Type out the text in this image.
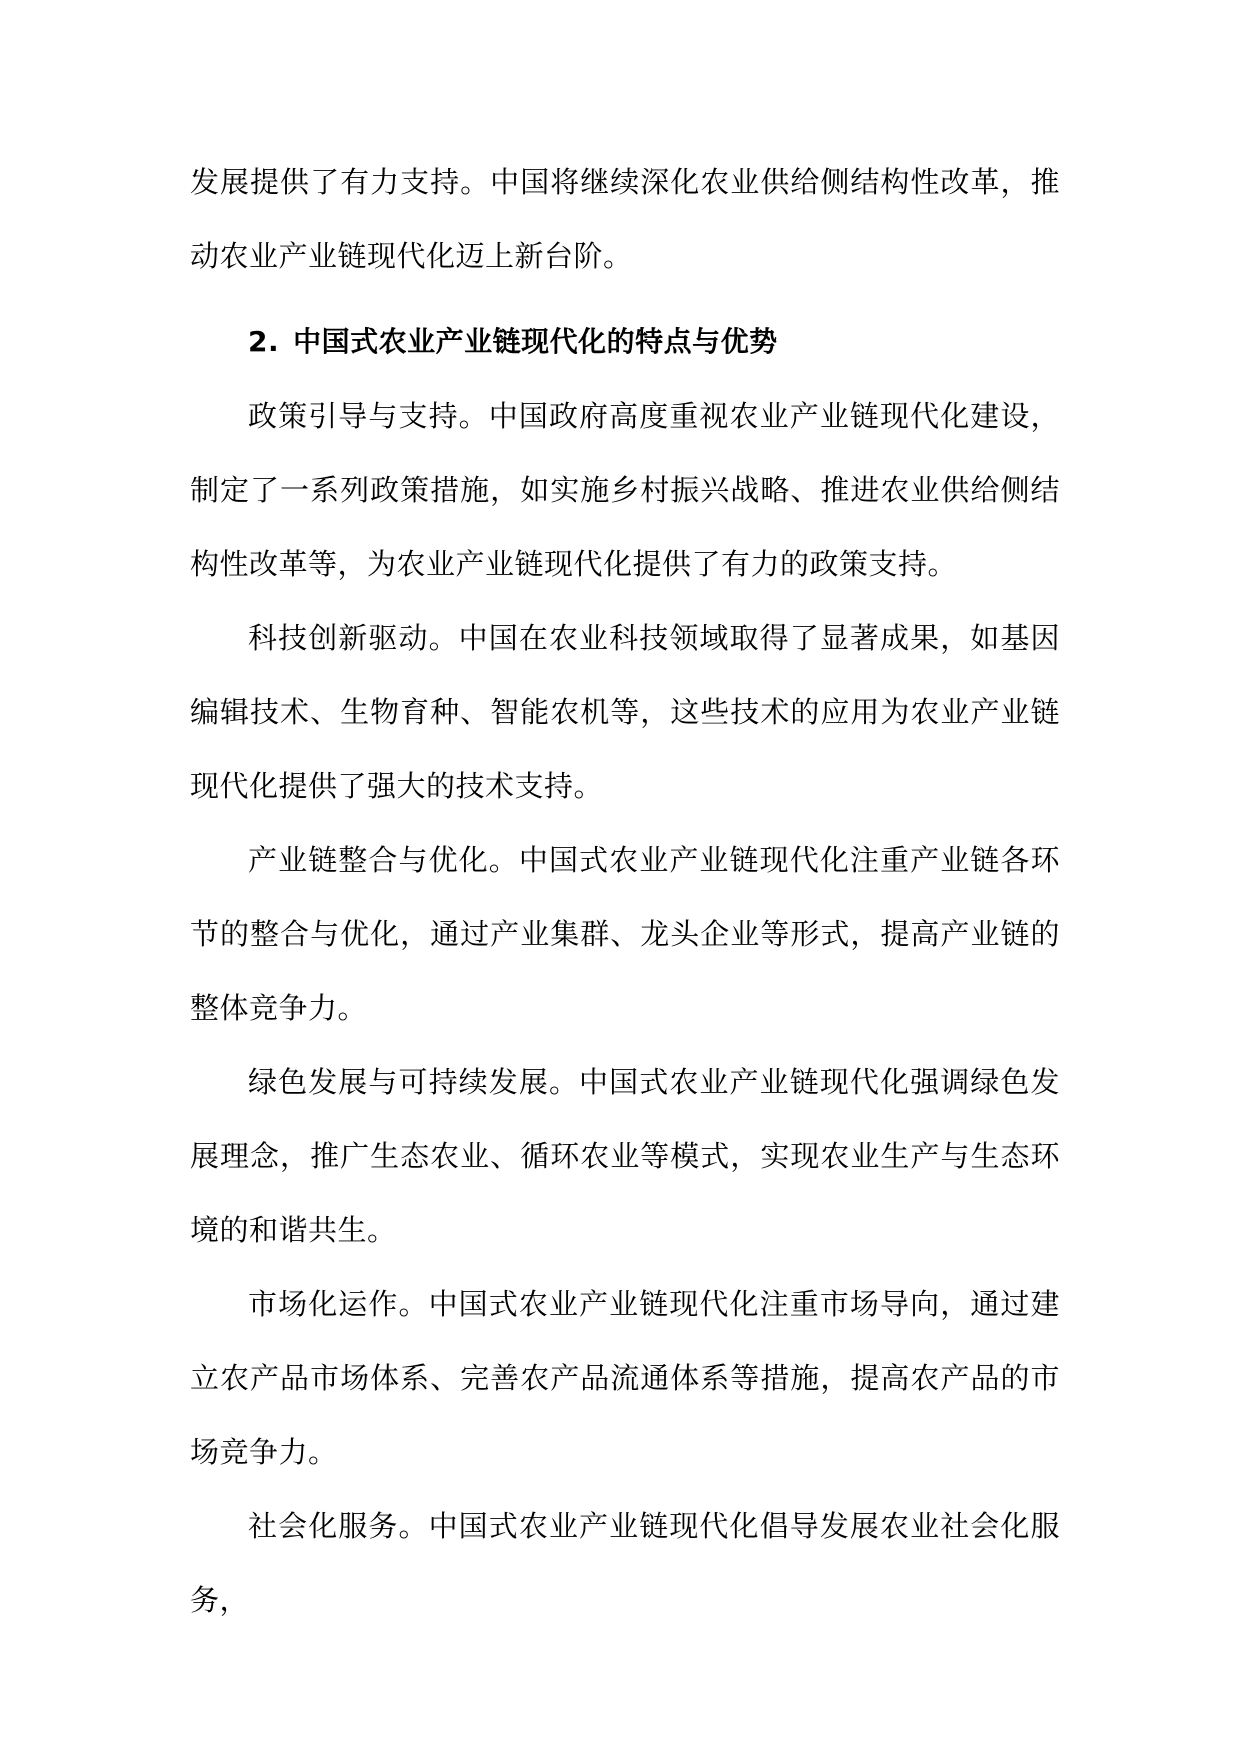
发展提供了有力支持。中国将继续深化农业供给侧结构性改革，推动农业产业链现代化迈上新台阶。

2. 中国式农业产业链现代化的特点与优势

政策引导与支持。中国政府高度重视农业产业链现代化建设，制定了一系列政策措施，如实施乡村振兴战略、推进农业供给侧结构性改革等，为农业产业链现代化提供了有力的政策支持。

科技创新驱动。中国在农业科技领域取得了显著成果，如基因编辑技术、生物育种、智能农机等，这些技术的应用为农业产业链现代化提供了强大的技术支持。

产业链整合与优化。中国式农业产业链现代化注重产业链各环节的整合与优化，通过产业集群、龙头企业等形式，提高产业链的整体竞争力。

绿色发展与可持续发展。中国式农业产业链现代化强调绿色发展理念，推广生态农业、循环农业等模式，实现农业生产与生态环境的和谐共生。

市场化运作。中国式农业产业链现代化注重市场导向，通过建立农产品市场体系、完善农产品流通体系等措施，提高农产品的市场竞争力。

社会化服务。中国式农业产业链现代化倡导发展农业社会化服务，
